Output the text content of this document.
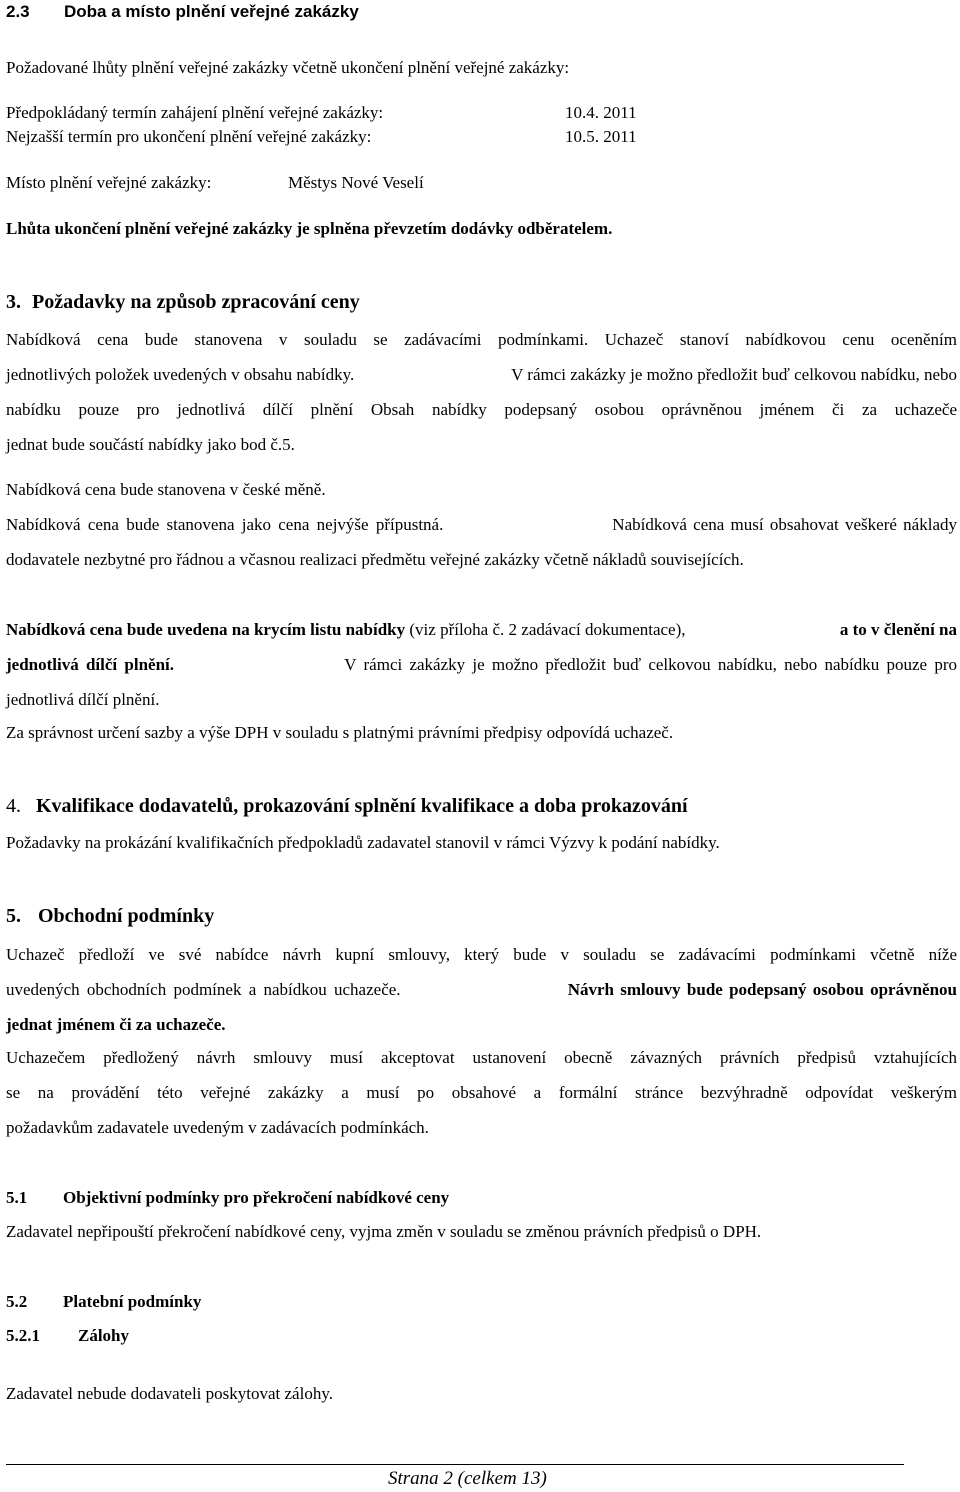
2.3 Doba a místo plnění veřejné zakázky
Požadované lhůty plnění veřejné zakázky včetně ukončení plnění veřejné zakázky:
Předpokládaný termín zahájení plnění veřejné zakázky:	10.4. 2011
Nejzašší termín pro ukončení plnění veřejné zakázky:	10.5. 2011
Místo plnění veřejné zakázky:	Městys Nové Veselí
Lhůta ukončení plnění veřejné zakázky je splněna převzetím dodávky odběratelem.
3. Požadavky na způsob zpracování ceny
Nabídková cena bude stanovena v souladu se zadávacími podmínkami. Uchazeč stanoví nabídkovou cenu oceněním
jednotlivých položek uvedených v obsahu nabídky.	V rámci zakázky je možno předložit buď celkovou nabídku, nebo
nabídku pouze pro jednotlivá dílčí plnění Obsah nabídky podepsaný osobou oprávněnou jménem či za uchazeče
jednat bude součástí nabídky jako bod č.5.
Nabídková cena bude stanovena v české měně.
Nabídková cena bude stanovena jako cena nejvýše přípustná.	Nabídková cena musí obsahovat veškeré náklady
dodavatele nezbytné pro řádnou a včasnou realizaci předmětu veřejné zakázky včetně nákladů souvisejících.
Nabídková cena bude uvedena na krycím listu nabídky (viz příloha č. 2 zadávací dokumentace),	a to v členění na
jednotlivá dílčí plnění.	V rámci zakázky je možno předložit buď celkovou nabídku, nebo nabídku pouze pro
jednotlivá dílčí plnění.
Za správnost určení sazby a výše DPH v souladu s platnými právními předpisy odpovídá uchazeč.
4. Kvalifikace dodavatelů, prokazování splnění kvalifikace a doba prokazování
Požadavky na prokázání kvalifikačních předpokladů zadavatel stanovil v rámci Výzvy k podání nabídky.
5. Obchodní podmínky
Uchazeč předloží ve své nabídce návrh kupní smlouvy, který bude v souladu se zadávacími podmínkami včetně níže
uvedených obchodních podmínek a nabídkou uchazeče.	Návrh smlouvy bude podepsaný osobou oprávněnou
jednat jménem či za uchazeče.
Uchazečem předložený návrh smlouvy musí akceptovat ustanovení obecně závazných právních předpisů vztahujících
se na provádění této veřejné zakázky a musí po obsahové a formální stránce bezvýhradně odpovídat veškerým
požadavkům zadavatele uvedeným v zadávacích podmínkách.
5.1 Objektivní podmínky pro překročení nabídkové ceny
Zadavatel nepřipouští překročení nabídkové ceny, vyjma změn v souladu se změnou právních předpisů o DPH.
5.2 Platební podmínky
5.2.1 Zálohy
Zadavatel nebude dodavateli poskytovat zálohy.
Strana 2 (celkem 13)
